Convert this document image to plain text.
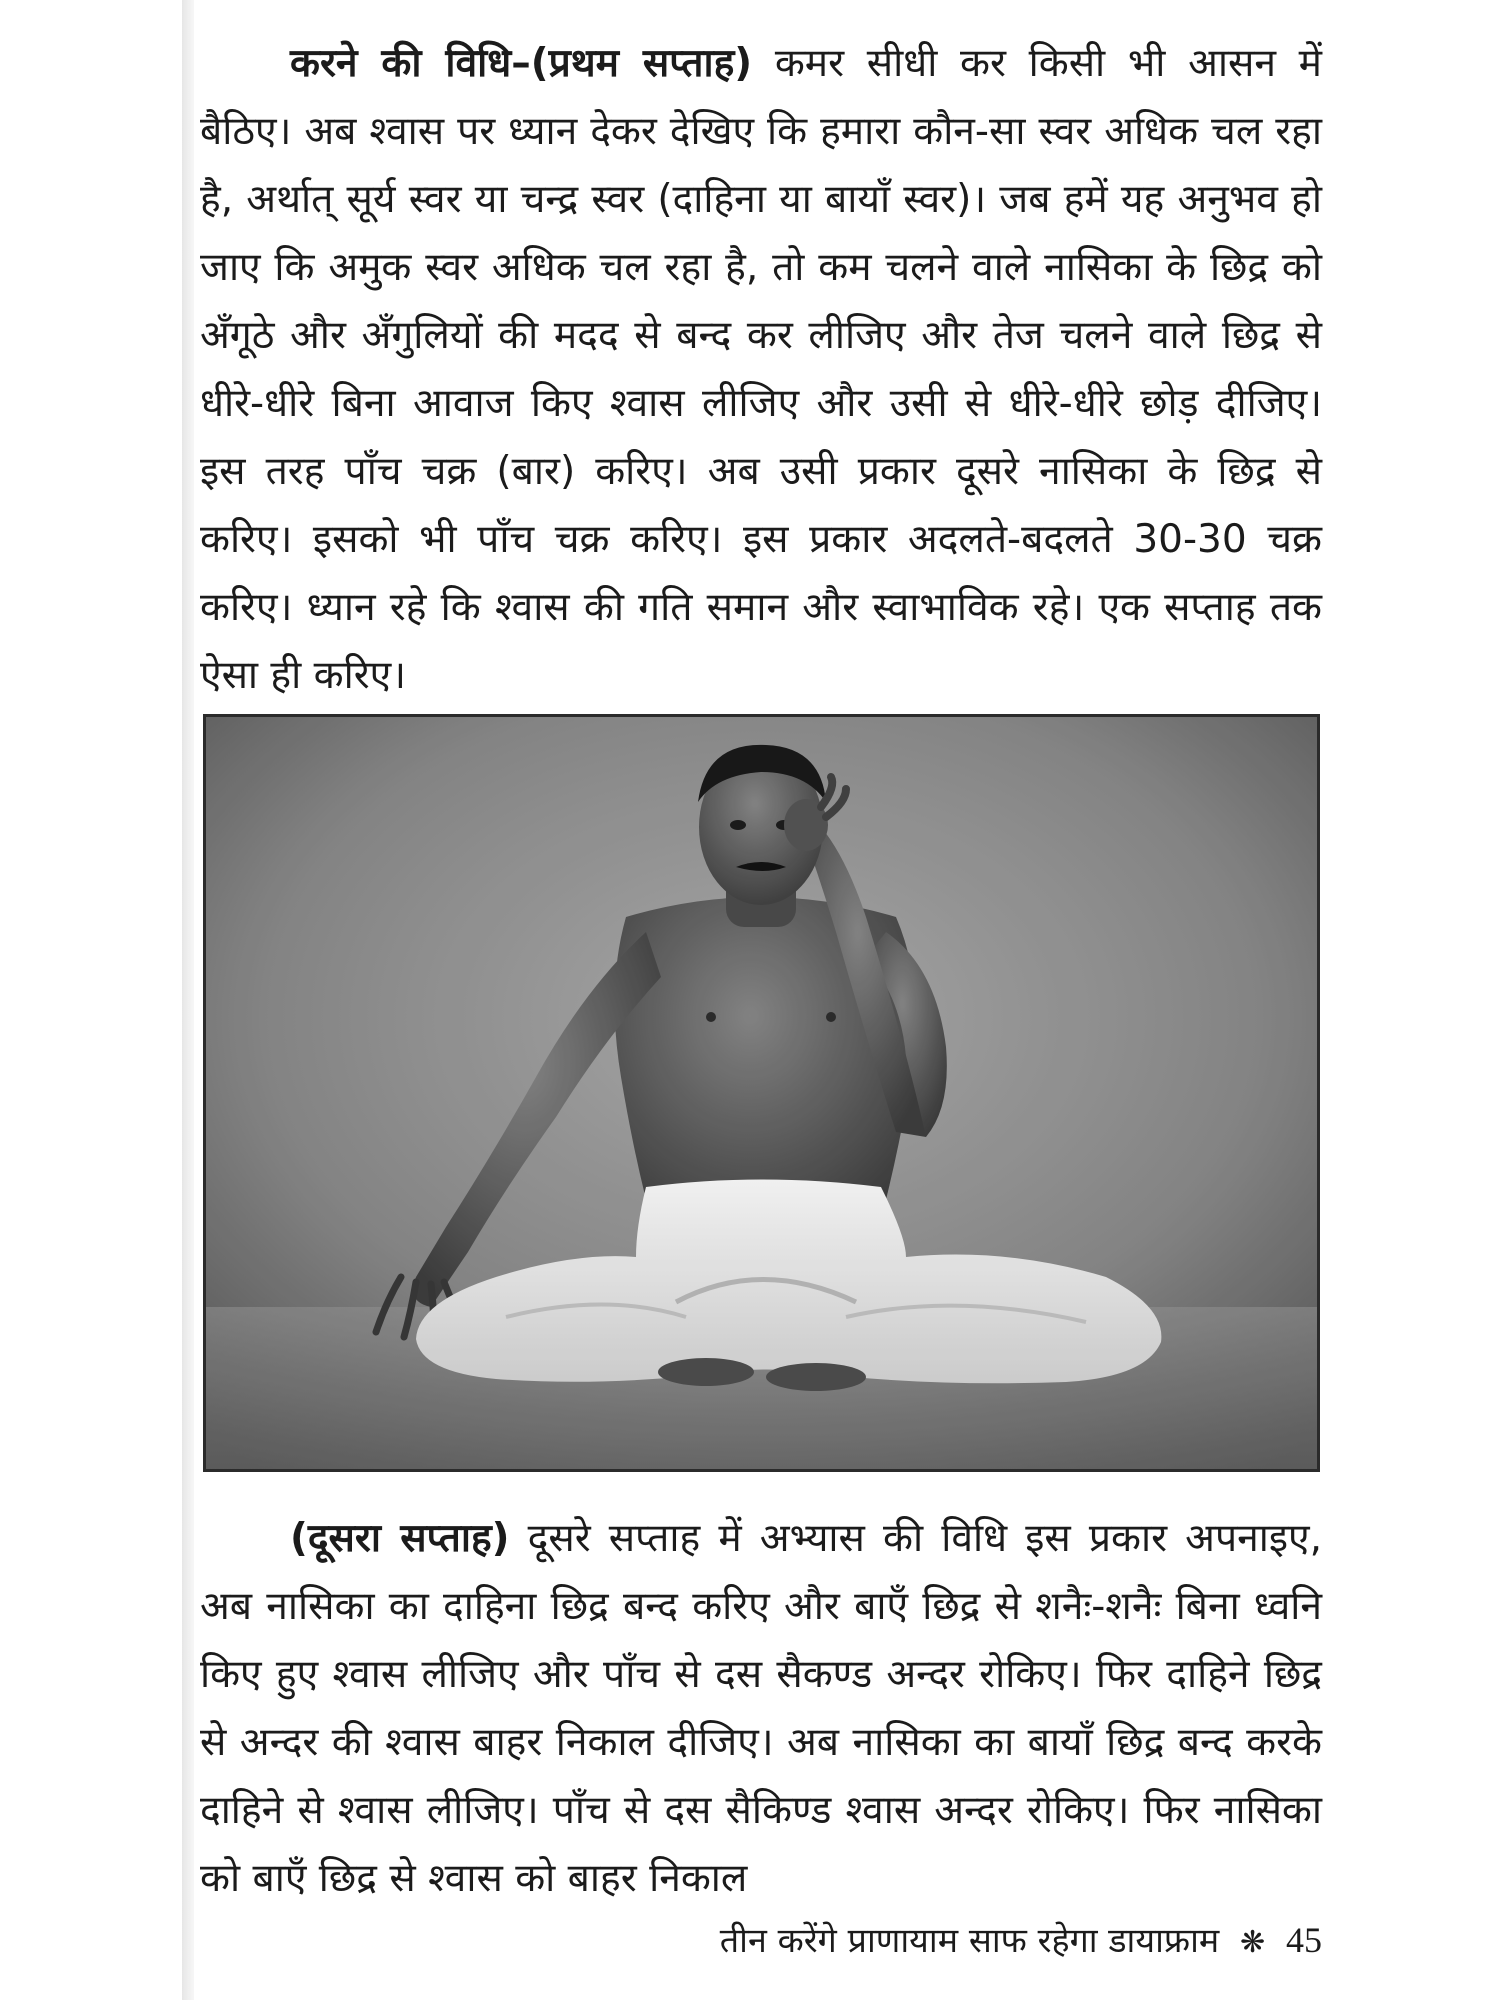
करने की विधि–(प्रथम सप्ताह) कमर सीधी कर किसी भी आसन में बैठिए। अब श्वास पर ध्यान देकर देखिए कि हमारा कौन-सा स्वर अधिक चल रहा है, अर्थात् सूर्य स्वर या चन्द्र स्वर (दाहिना या बायाँ स्वर)। जब हमें यह अनुभव हो जाए कि अमुक स्वर अधिक चल रहा है, तो कम चलने वाले नासिका के छिद्र को अँगूठे और अँगुलियों की मदद से बन्द कर लीजिए और तेज चलने वाले छिद्र से धीरे-धीरे बिना आवाज किए श्वास लीजिए और उसी से धीरे-धीरे छोड़ दीजिए। इस तरह पाँच चक्र (बार) करिए। अब उसी प्रकार दूसरे नासिका के छिद्र से करिए। इसको भी पाँच चक्र करिए। इस प्रकार अदलते-बदलते 30-30 चक्र करिए। ध्यान रहे कि श्वास की गति समान और स्वाभाविक रहे। एक सप्ताह तक ऐसा ही करिए।
(दूसरा सप्ताह) दूसरे सप्ताह में अभ्यास की विधि इस प्रकार अपनाइए, अब नासिका का दाहिना छिद्र बन्द करिए और बाएँ छिद्र से शनैः-शनैः बिना ध्वनि किए हुए श्वास लीजिए और पाँच से दस सैकण्ड अन्दर रोकिए। फिर दाहिने छिद्र से अन्दर की श्वास बाहर निकाल दीजिए। अब नासिका का बायाँ छिद्र बन्द करके दाहिने से श्वास लीजिए। पाँच से दस सैकिण्ड श्वास अन्दर रोकिए। फिर नासिका को बाएँ छिद्र से श्वास को बाहर निकाल
तीन करेंगे प्राणायाम साफ रहेगा डायाफ्राम ❋ 45
